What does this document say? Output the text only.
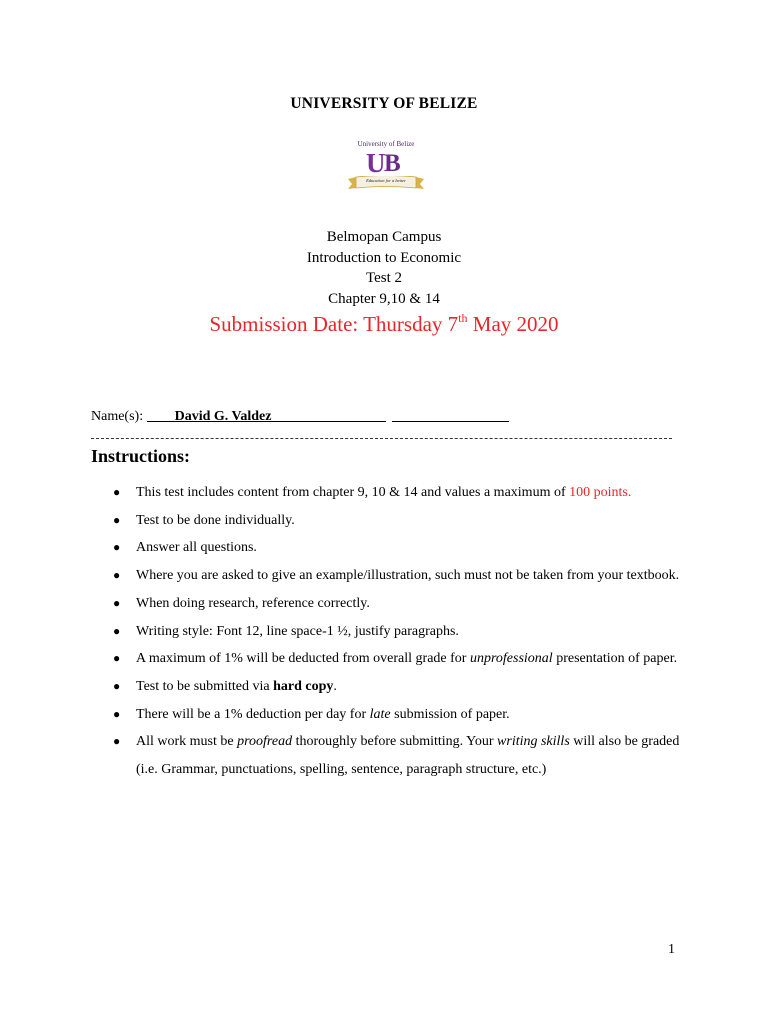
UNIVERSITY OF BELIZE
University of Belize
U B
Education for a better
Belmopan Campus
Introduction to Economic
Test 2
Chapter 9,10 & 14
Submission Date: Thursday 7th May 2020
Name(s): David G. Valdez
Instructions:
● This test includes content from chapter 9, 10 & 14 and values a maximum of 100 points.
● Test to be done individually.
● Answer all questions.
● Where you are asked to give an example/illustration, such must not be taken from your textbook.
● When doing research, reference correctly.
● Writing style: Font 12, line space-1 ½, justify paragraphs.
● A maximum of 1% will be deducted from overall grade for unprofessional presentation of paper.
● Test to be submitted via hard copy.
● There will be a 1% deduction per day for late submission of paper.
● All work must be proofread thoroughly before submitting. Your writing skills will also be graded (i.e. Grammar, punctuations, spelling, sentence, paragraph structure, etc.)
1
